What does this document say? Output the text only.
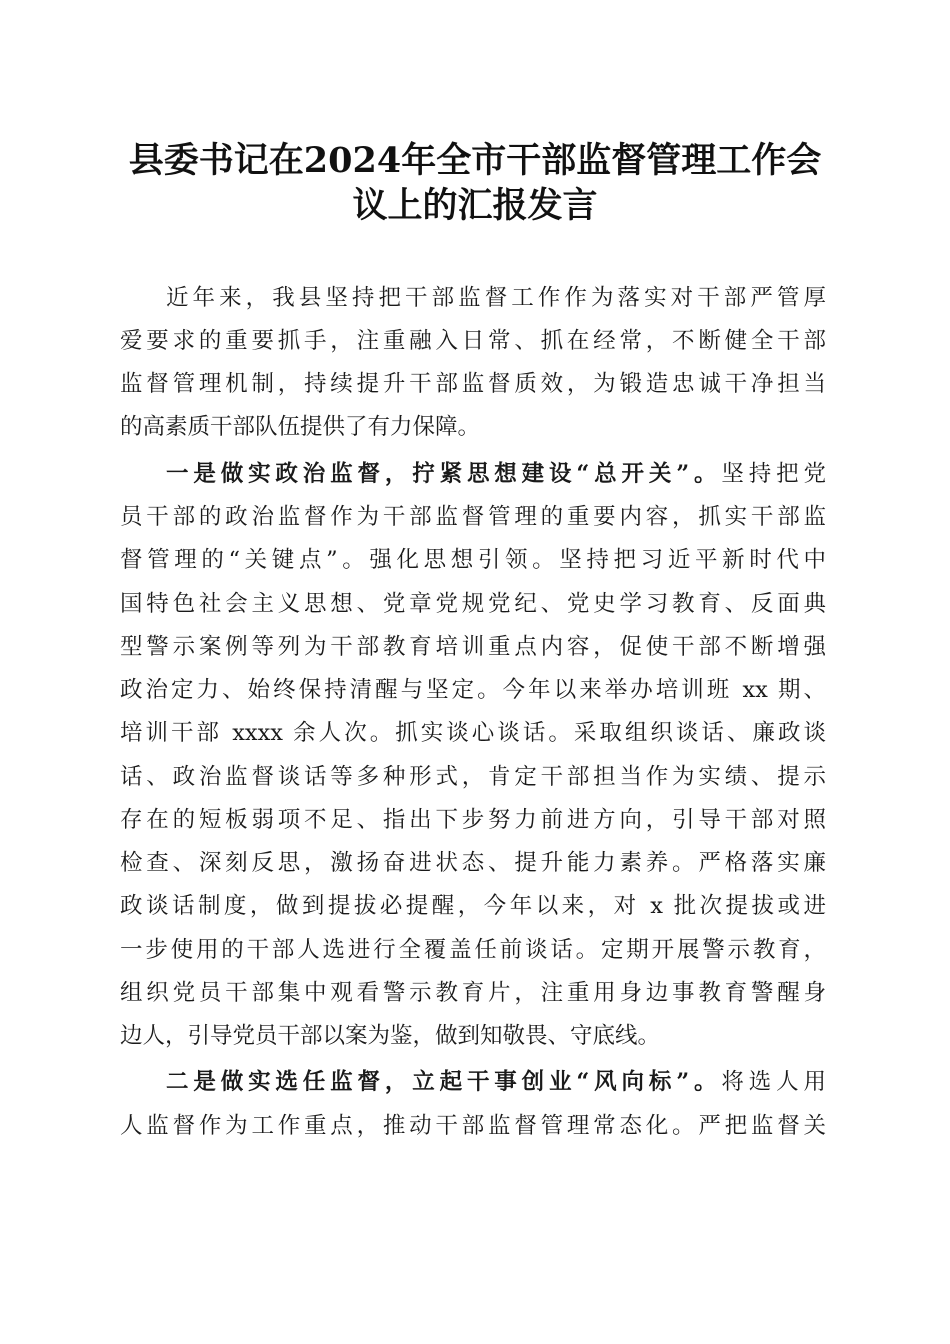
县委书记在2024年全市干部监督管理工作会
议上的汇报发言

近年来，我县坚持把干部监督工作作为落实对干部严管厚

爱要求的重要抓手，注重融入日常、抓在经常，不断健全干部

监督管理机制，持续提升干部监督质效，为锻造忠诚干净担当

的高素质干部队伍提供了有力保障。

一是做实政治监督，拧紧思想建设“总开关”。坚持把党

员干部的政治监督作为干部监督管理的重要内容，抓实干部监

督管理的“关键点”。强化思想引领。坚持把习近平新时代中

国特色社会主义思想、党章党规党纪、党史学习教育、反面典

型警示案例等列为干部教育培训重点内容，促使干部不断增强

政治定力、始终保持清醒与坚定。今年以来举办培训班 xx 期、

培训干部 xxxx 余人次。抓实谈心谈话。采取组织谈话、廉政谈

话、政治监督谈话等多种形式，肯定干部担当作为实绩、提示

存在的短板弱项不足、指出下步努力前进方向，引导干部对照

检查、深刻反思，激扬奋进状态、提升能力素养。严格落实廉

政谈话制度，做到提拔必提醒，今年以来，对 x 批次提拔或进

一步使用的干部人选进行全覆盖任前谈话。定期开展警示教育，

组织党员干部集中观看警示教育片，注重用身边事教育警醒身

边人，引导党员干部以案为鉴，做到知敬畏、守底线。

二是做实选任监督，立起干事创业“风向标”。将选人用

人监督作为工作重点，推动干部监督管理常态化。严把监督关
